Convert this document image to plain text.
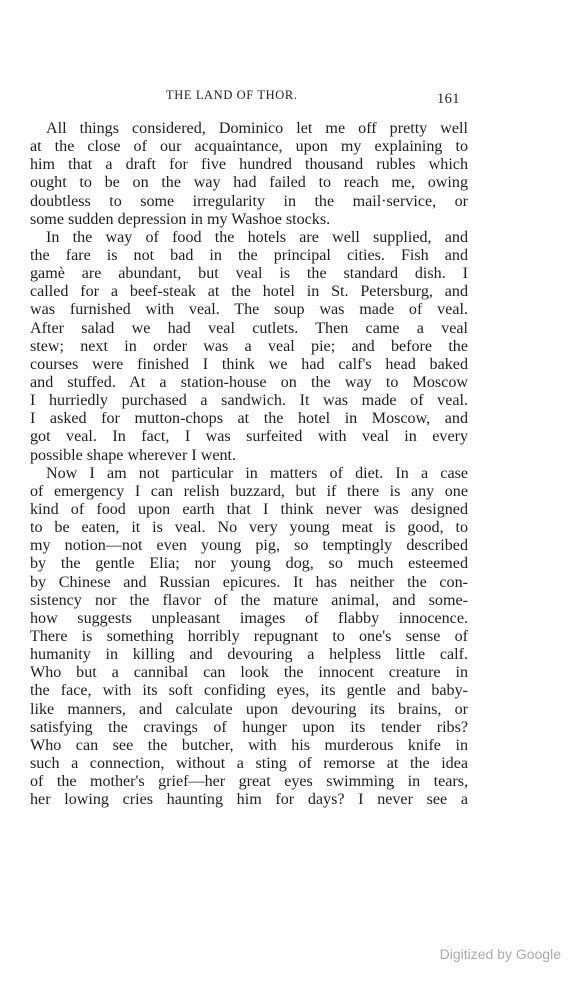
THE LAND OF THOR.	161
All things considered, Dominico let me off pretty well
at the close of our acquaintance, upon my explaining to
him that a draft for five hundred thousand rubles which
ought to be on the way had failed to reach me, owing
doubtless to some irregularity in the mail·service, or
some sudden depression in my Washoe stocks.
In the way of food the hotels are well supplied, and
the fare is not bad in the principal cities. Fish and
gamè are abundant, but veal is the standard dish. I
called for a beef-steak at the hotel in St. Petersburg, and
was furnished with veal. The soup was made of veal.
After salad we had veal cutlets. Then came a veal
stew; next in order was a veal pie; and before the
courses were finished I think we had calf's head baked
and stuffed. At a station-house on the way to Moscow
I hurriedly purchased a sandwich. It was made of veal.
I asked for mutton-chops at the hotel in Moscow, and
got veal. In fact, I was surfeited with veal in every
possible shape wherever I went.
Now I am not particular in matters of diet. In a case
of emergency I can relish buzzard, but if there is any one
kind of food upon earth that I think never was designed
to be eaten, it is veal. No very young meat is good, to
my notion—not even young pig, so temptingly described
by the gentle Elia; nor young dog, so much esteemed
by Chinese and Russian epicures. It has neither the con-
sistency nor the flavor of the mature animal, and some-
how suggests unpleasant images of flabby innocence.
There is something horribly repugnant to one's sense of
humanity in killing and devouring a helpless little calf.
Who but a cannibal can look the innocent creature in
the face, with its soft confiding eyes, its gentle and baby-
like manners, and calculate upon devouring its brains, or
satisfying the cravings of hunger upon its tender ribs?
Who can see the butcher, with his murderous knife in
such a connection, without a sting of remorse at the idea
of the mother's grief—her great eyes swimming in tears,
her lowing cries haunting him for days? I never see a
Digitized by Google
